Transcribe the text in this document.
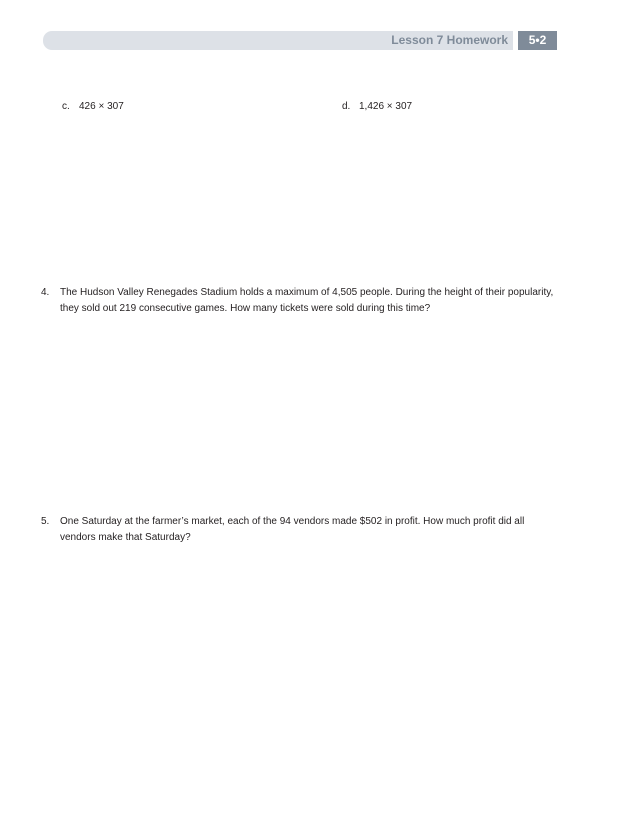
Lesson 7 Homework	5•2
c. 426 × 307	d. 1,426 × 307
4. The Hudson Valley Renegades Stadium holds a maximum of 4,505 people. During the height of their popularity, they sold out 219 consecutive games. How many tickets were sold during this time?
5. One Saturday at the farmer’s market, each of the 94 vendors made $502 in profit. How much profit did all vendors make that Saturday?
